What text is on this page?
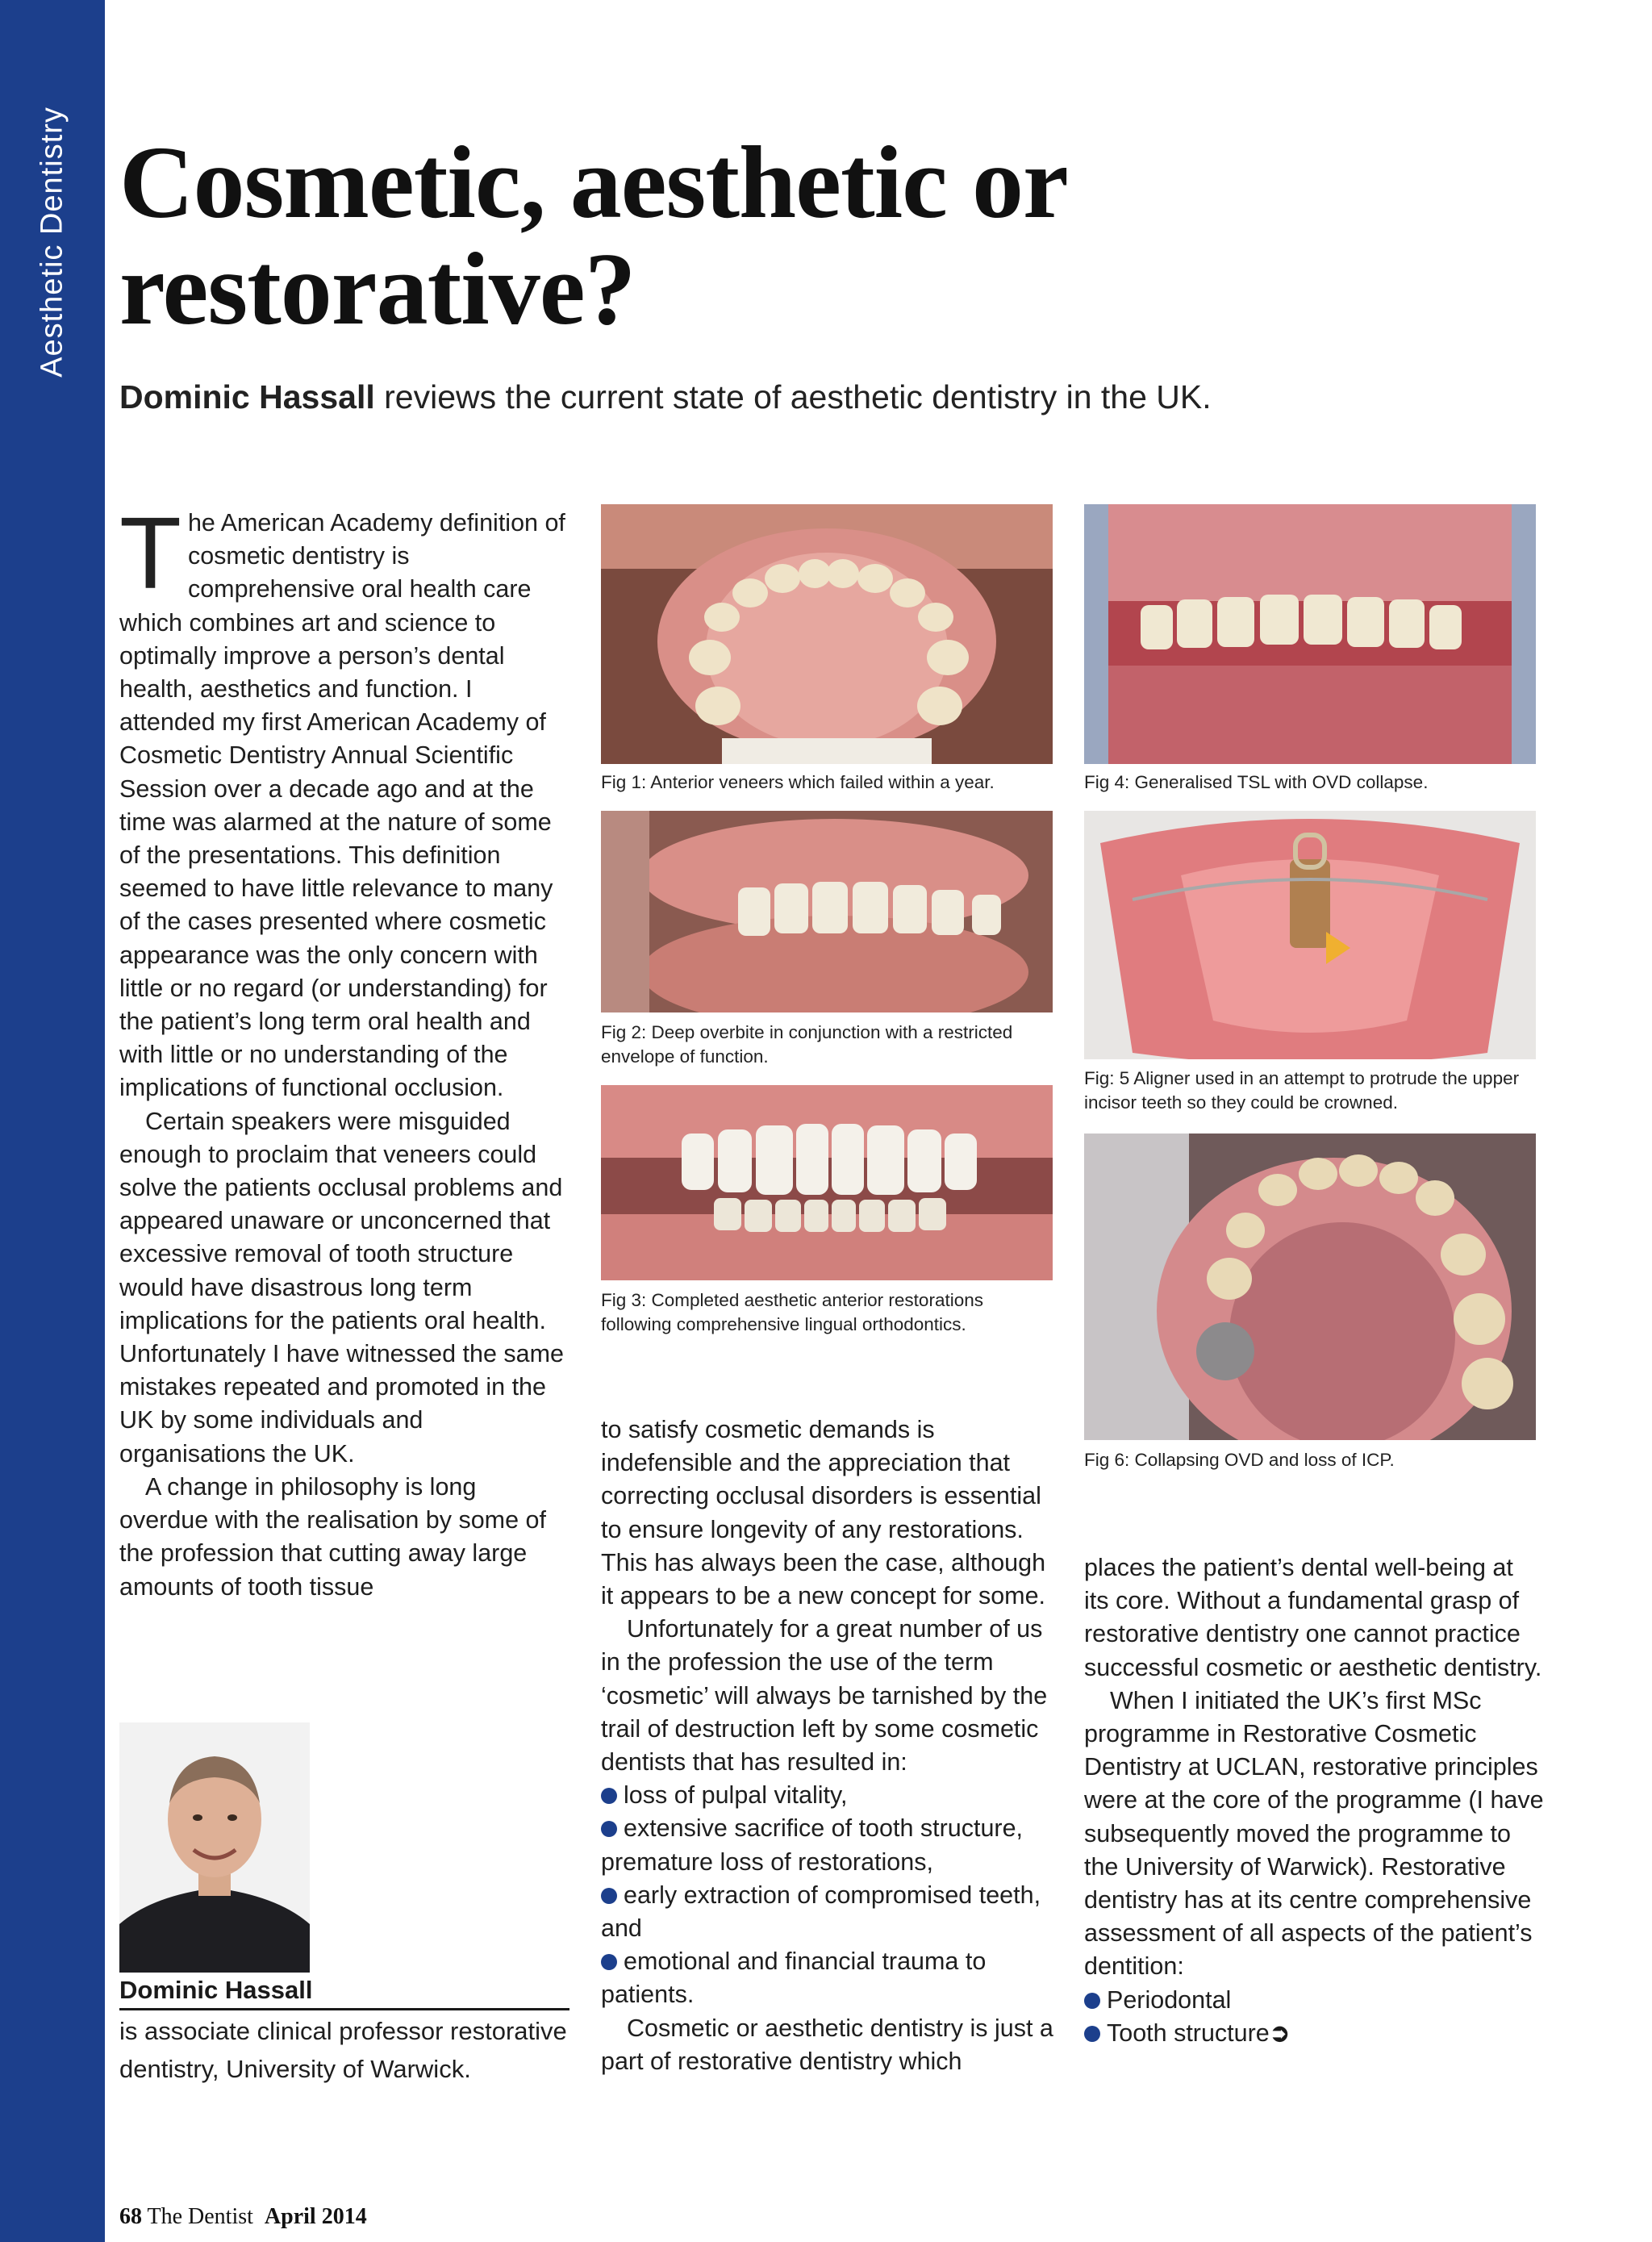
Aesthetic Dentistry Cosmetic, aesthetic or restorative?

Dominic Hassall reviews the current state of aesthetic dentistry in the UK.

The American Academy definition of cosmetic dentistry is comprehensive oral health care which combines art and science to optimally improve a person’s dental health, aesthetics and function. I attended my first American Academy of Cosmetic Dentistry Annual Scientific Session over a decade ago and at the time was alarmed at the nature of some of the presentations. This definition seemed to have little relevance to many of the cases presented where cosmetic appearance was the only concern with little or no regard (or understanding) for the patient’s long term oral health and with little or no understanding of the implications of functional occlusion.

Certain speakers were misguided enough to proclaim that veneers could solve the patients occlusal problems and appeared unaware or unconcerned that excessive removal of tooth structure would have disastrous long term implications for the patients oral health. Unfortunately I have witnessed the same mistakes repeated and promoted in the UK by some individuals and organisations the UK.

A change in philosophy is long overdue with the realisation by some of the profession that cutting away large amounts of tooth tissue

Fig 1: Anterior veneers which failed within a year.
Fig 2: Deep overbite in conjunction with a restricted envelope of function.
Fig 3: Completed aesthetic anterior restorations following comprehensive lingual orthodontics.
Fig 4: Generalised TSL with OVD collapse.
Fig: 5 Aligner used in an attempt to protrude the upper incisor teeth so they could be crowned.
Fig 6: Collapsing OVD and loss of ICP.

to satisfy cosmetic demands is indefensible and the appreciation that correcting occlusal disorders is essential to ensure longevity of any restorations. This has always been the case, although it appears to be a new concept for some.

Unfortunately for a great number of us in the profession the use of the term ‘cosmetic’ will always be tarnished by the trail of destruction left by some cosmetic dentists that has resulted in:

loss of pulpal vitality,
extensive sacrifice of tooth structure, premature loss of restorations,
early extraction of compromised teeth, and
emotional and financial trauma to patients.

Cosmetic or aesthetic dentistry is just a part of restorative dentistry which

places the patient’s dental well-being at its core. Without a fundamental grasp of restorative dentistry one cannot practice successful cosmetic or aesthetic dentistry.

When I initiated the UK’s first MSc programme in Restorative Cosmetic Dentistry at UCLAN, restorative principles were at the core of the programme (I have subsequently moved the programme to the University of Warwick). Restorative dentistry has at its centre comprehensive assessment of all aspects of the patient’s dentition:

Periodontal
Tooth structure➲
Dominic Hassall
is associate clinical professor restorative dentistry, University of Warwick.
68 The Dentist April 2014
